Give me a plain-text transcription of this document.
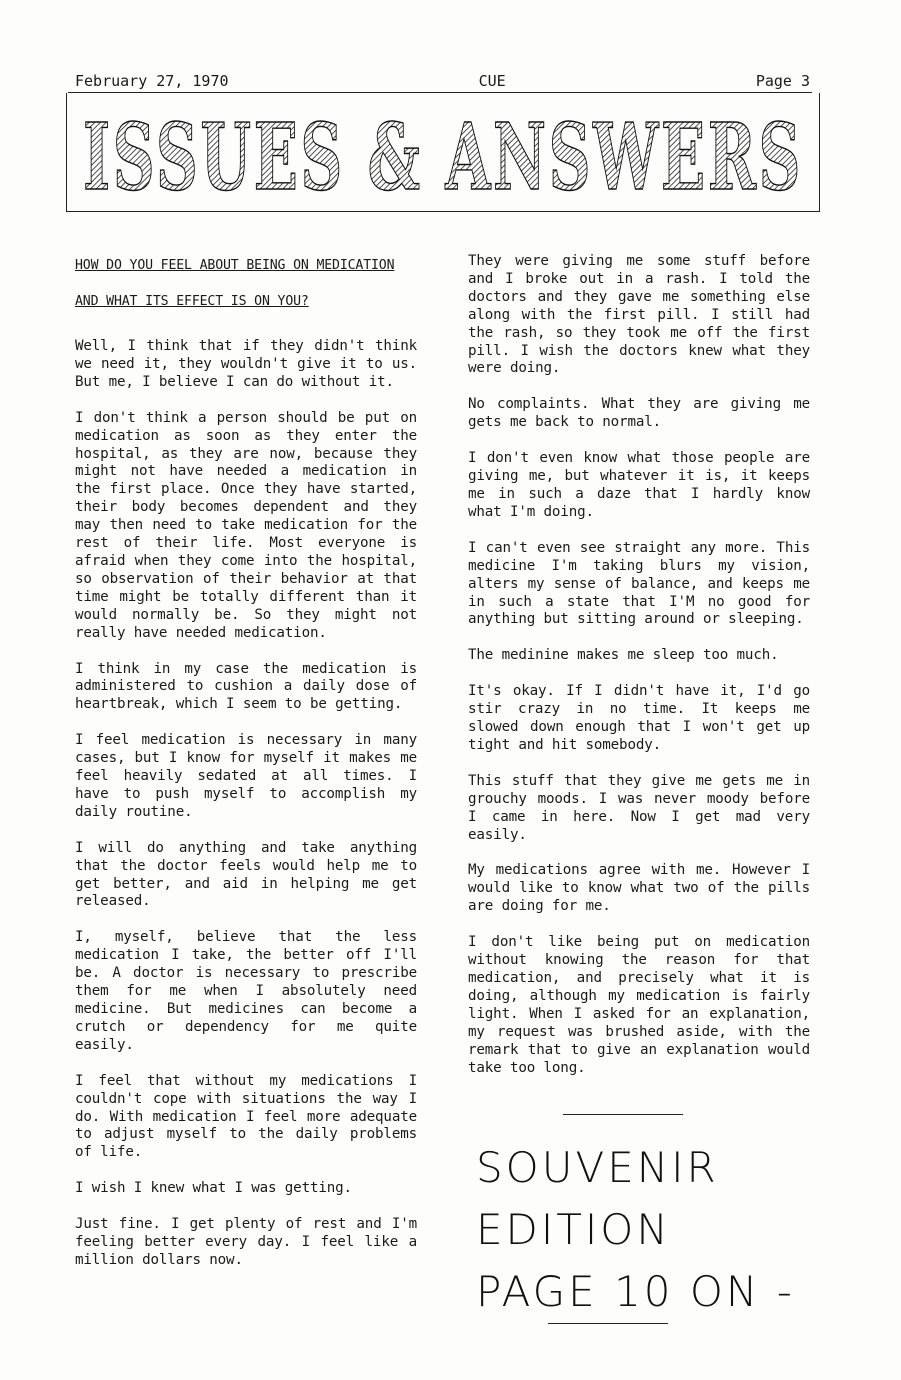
February 27, 1970	CUE	Page 3
ISSUES & ANSWERS
HOW DO YOU FEEL ABOUT BEING ON MEDICATION AND WHAT ITS EFFECT IS ON YOU?

Well, I think that if they didn't think we need it, they wouldn't give it to us. But me, I believe I can do without it.

I don't think a person should be put on medication as soon as they enter the hospital, as they are now, because they might not have needed a medication in the first place. Once they have started, their body becomes dependent and they may then need to take medication for the rest of their life. Most everyone is afraid when they come into the hospital, so observation of their behavior at that time might be totally different than it would normally be. So they might not really have needed medication.

I think in my case the medication is administered to cushion a daily dose of heartbreak, which I seem to be getting.

I feel medication is necessary in many cases, but I know for myself it makes me feel heavily sedated at all times. I have to push myself to accomplish my daily routine.

I will do anything and take anything that the doctor feels would help me to get better, and aid in helping me get released.

I, myself, believe that the less medication I take, the better off I'll be. A doctor is necessary to prescribe them for me when I absolutely need medicine. But medicines can become a crutch or dependency for me quite easily.

I feel that without my medications I couldn't cope with situations the way I do. With medication I feel more adequate to adjust myself to the daily problems of life.

I wish I knew what I was getting.

Just fine. I get plenty of rest and I'm feeling better every day. I feel like a million dollars now.

They were giving me some stuff before and I broke out in a rash. I told the doctors and they gave me something else along with the first pill. I still had the rash, so they took me off the first pill. I wish the doctors knew what they were doing.

No complaints. What they are giving me gets me back to normal.

I don't even know what those people are giving me, but whatever it is, it keeps me in such a daze that I hardly know what I'm doing.

I can't even see straight any more. This medicine I'm taking blurs my vision, alters my sense of balance, and keeps me in such a state that I'M no good for anything but sitting around or sleeping.

The medinine makes me sleep too much.

It's okay. If I didn't have it, I'd go stir crazy in no time. It keeps me slowed down enough that I won't get up tight and hit somebody.

This stuff that they give me gets me in grouchy moods. I was never moody before I came in here. Now I get mad very easily.

My medications agree with me. However I would like to know what two of the pills are doing for me.

I don't like being put on medication without knowing the reason for that medication, and precisely what it is doing, although my medication is fairly light. When I asked for an explanation, my request was brushed aside, with the remark that to give an explanation would take too long.

SOUVENIR
EDITION
PAGE 10 ON -
